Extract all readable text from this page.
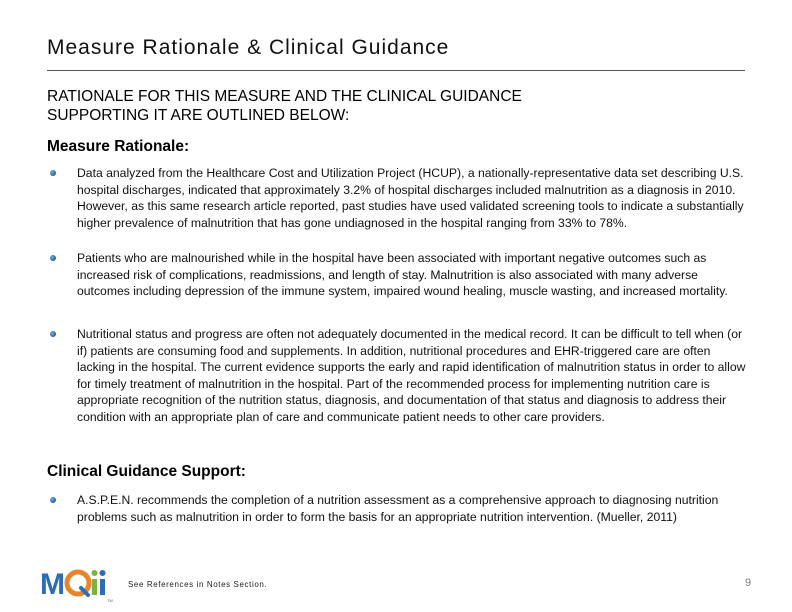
Measure Rationale & Clinical Guidance
RATIONALE FOR THIS MEASURE AND THE CLINICAL GUIDANCE
SUPPORTING IT ARE OUTLINED BELOW:
Measure Rationale:
Data analyzed from the Healthcare Cost and Utilization Project (HCUP), a nationally-representative data set describing U.S. hospital discharges, indicated that approximately 3.2% of hospital discharges included malnutrition as a diagnosis in 2010. However, as this same research article reported, past studies have used validated screening tools to indicate a substantially higher prevalence of malnutrition that has gone undiagnosed in the hospital ranging from 33% to 78%.
Patients who are malnourished while in the hospital have been associated with important negative outcomes such as increased risk of complications, readmissions, and length of stay. Malnutrition is also associated with many adverse outcomes including depression of the immune system, impaired wound healing, muscle wasting, and increased mortality.
Nutritional status and progress are often not adequately documented in the medical record. It can be difficult to tell when (or if) patients are consuming food and supplements. In addition, nutritional procedures and EHR-triggered care are often lacking in the hospital. The current evidence supports the early and rapid identification of malnutrition status in order to allow for timely treatment of malnutrition in the hospital. Part of the recommended process for implementing nutrition care is appropriate recognition of the nutrition status, diagnosis, and documentation of that status and diagnosis to address their condition with an appropriate plan of care and communicate patient needs to other care providers.
Clinical Guidance Support:
A.S.P.E.N. recommends the completion of a nutrition assessment as a comprehensive approach to diagnosing nutrition problems such as malnutrition in order to form the basis for an appropriate nutrition intervention. (Mueller, 2011)
M	TM
See References in Notes Section.	9
